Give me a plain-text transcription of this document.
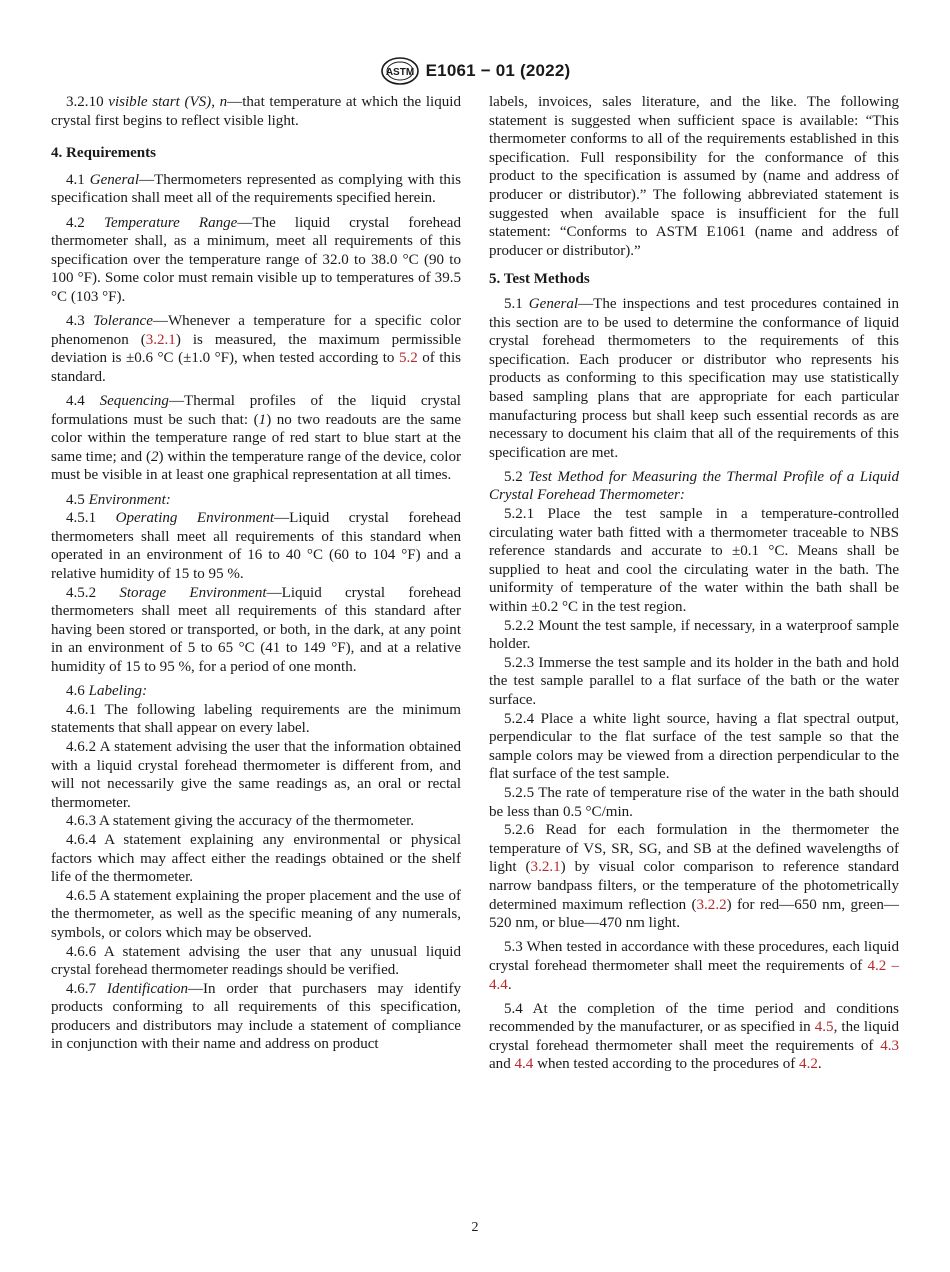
ASTM E1061 − 01 (2022)

3.2.10 visible start (VS), n—that temperature at which the liquid crystal first begins to reflect visible light.

4. Requirements

4.1 General—Thermometers represented as complying with this specification shall meet all of the requirements specified herein.

4.2 Temperature Range—The liquid crystal forehead thermometer shall, as a minimum, meet all requirements of this specification over the temperature range of 32.0 to 38.0 °C (90 to 100 °F). Some color must remain visible up to temperatures of 39.5 °C (103 °F).

4.3 Tolerance—Whenever a temperature for a specific color phenomenon (3.2.1) is measured, the maximum permissible deviation is ±0.6 °C (±1.0 °F), when tested according to 5.2 of this standard.

4.4 Sequencing—Thermal profiles of the liquid crystal formulations must be such that: (1) no two readouts are the same color within the temperature range of red start to blue start at the same time; and (2) within the temperature range of the device, color must be visible in at least one graphical representation at all times.

4.5 Environment:

4.5.1 Operating Environment—Liquid crystal forehead thermometers shall meet all requirements of this standard when operated in an environment of 16 to 40 °C (60 to 104 °F) and a relative humidity of 15 to 95 %.

4.5.2 Storage Environment—Liquid crystal forehead thermometers shall meet all requirements of this standard after having been stored or transported, or both, in the dark, at any point in an environment of 5 to 65 °C (41 to 149 °F), and at a relative humidity of 15 to 95 %, for a period of one month.

4.6 Labeling:

4.6.1 The following labeling requirements are the minimum statements that shall appear on every label.

4.6.2 A statement advising the user that the information obtained with a liquid crystal forehead thermometer is different from, and will not necessarily give the same readings as, an oral or rectal thermometer.

4.6.3 A statement giving the accuracy of the thermometer.

4.6.4 A statement explaining any environmental or physical factors which may affect either the readings obtained or the shelf life of the thermometer.

4.6.5 A statement explaining the proper placement and the use of the thermometer, as well as the specific meaning of any numerals, symbols, or colors which may be observed.

4.6.6 A statement advising the user that any unusual liquid crystal forehead thermometer readings should be verified.

4.6.7 Identification—In order that purchasers may identify products conforming to all requirements of this specification, producers and distributors may include a statement of compliance in conjunction with their name and address on product

labels, invoices, sales literature, and the like. The following statement is suggested when sufficient space is available: “This thermometer conforms to all of the requirements established in this specification. Full responsibility for the conformance of this product to the specification is assumed by (name and address of producer or distributor).” The following abbreviated statement is suggested when available space is insufficient for the full statement: “Conforms to ASTM E1061 (name and address of producer or distributor).”

5. Test Methods

5.1 General—The inspections and test procedures contained in this section are to be used to determine the conformance of liquid crystal forehead thermometers to the requirements of this specification. Each producer or distributor who represents his products as conforming to this specification may use statistically based sampling plans that are appropriate for each particular manufacturing process but shall keep such essential records as are necessary to document his claim that all of the requirements of this specification are met.

5.2 Test Method for Measuring the Thermal Profile of a Liquid Crystal Forehead Thermometer:

5.2.1 Place the test sample in a temperature-controlled circulating water bath fitted with a thermometer traceable to NBS reference standards and accurate to ±0.1 °C. Means shall be supplied to heat and cool the circulating water in the bath. The uniformity of temperature of the water within the bath shall be within ±0.2 °C in the test region.

5.2.2 Mount the test sample, if necessary, in a waterproof sample holder.

5.2.3 Immerse the test sample and its holder in the bath and hold the test sample parallel to a flat surface of the bath or the water surface.

5.2.4 Place a white light source, having a flat spectral output, perpendicular to the flat surface of the test sample so that the sample colors may be viewed from a direction perpendicular to the flat surface of the test sample.

5.2.5 The rate of temperature rise of the water in the bath should be less than 0.5 °C/min.

5.2.6 Read for each formulation in the thermometer the temperature of VS, SR, SG, and SB at the defined wavelengths of light (3.2.1) by visual color comparison to reference standard narrow bandpass filters, or the temperature of the photometrically determined maximum reflection (3.2.2) for red—650 nm, green—520 nm, or blue—470 nm light.

5.3 When tested in accordance with these procedures, each liquid crystal forehead thermometer shall meet the requirements of 4.2 – 4.4.

5.4 At the completion of the time period and conditions recommended by the manufacturer, or as specified in 4.5, the liquid crystal forehead thermometer shall meet the requirements of 4.3 and 4.4 when tested according to the procedures of 4.2.

2
